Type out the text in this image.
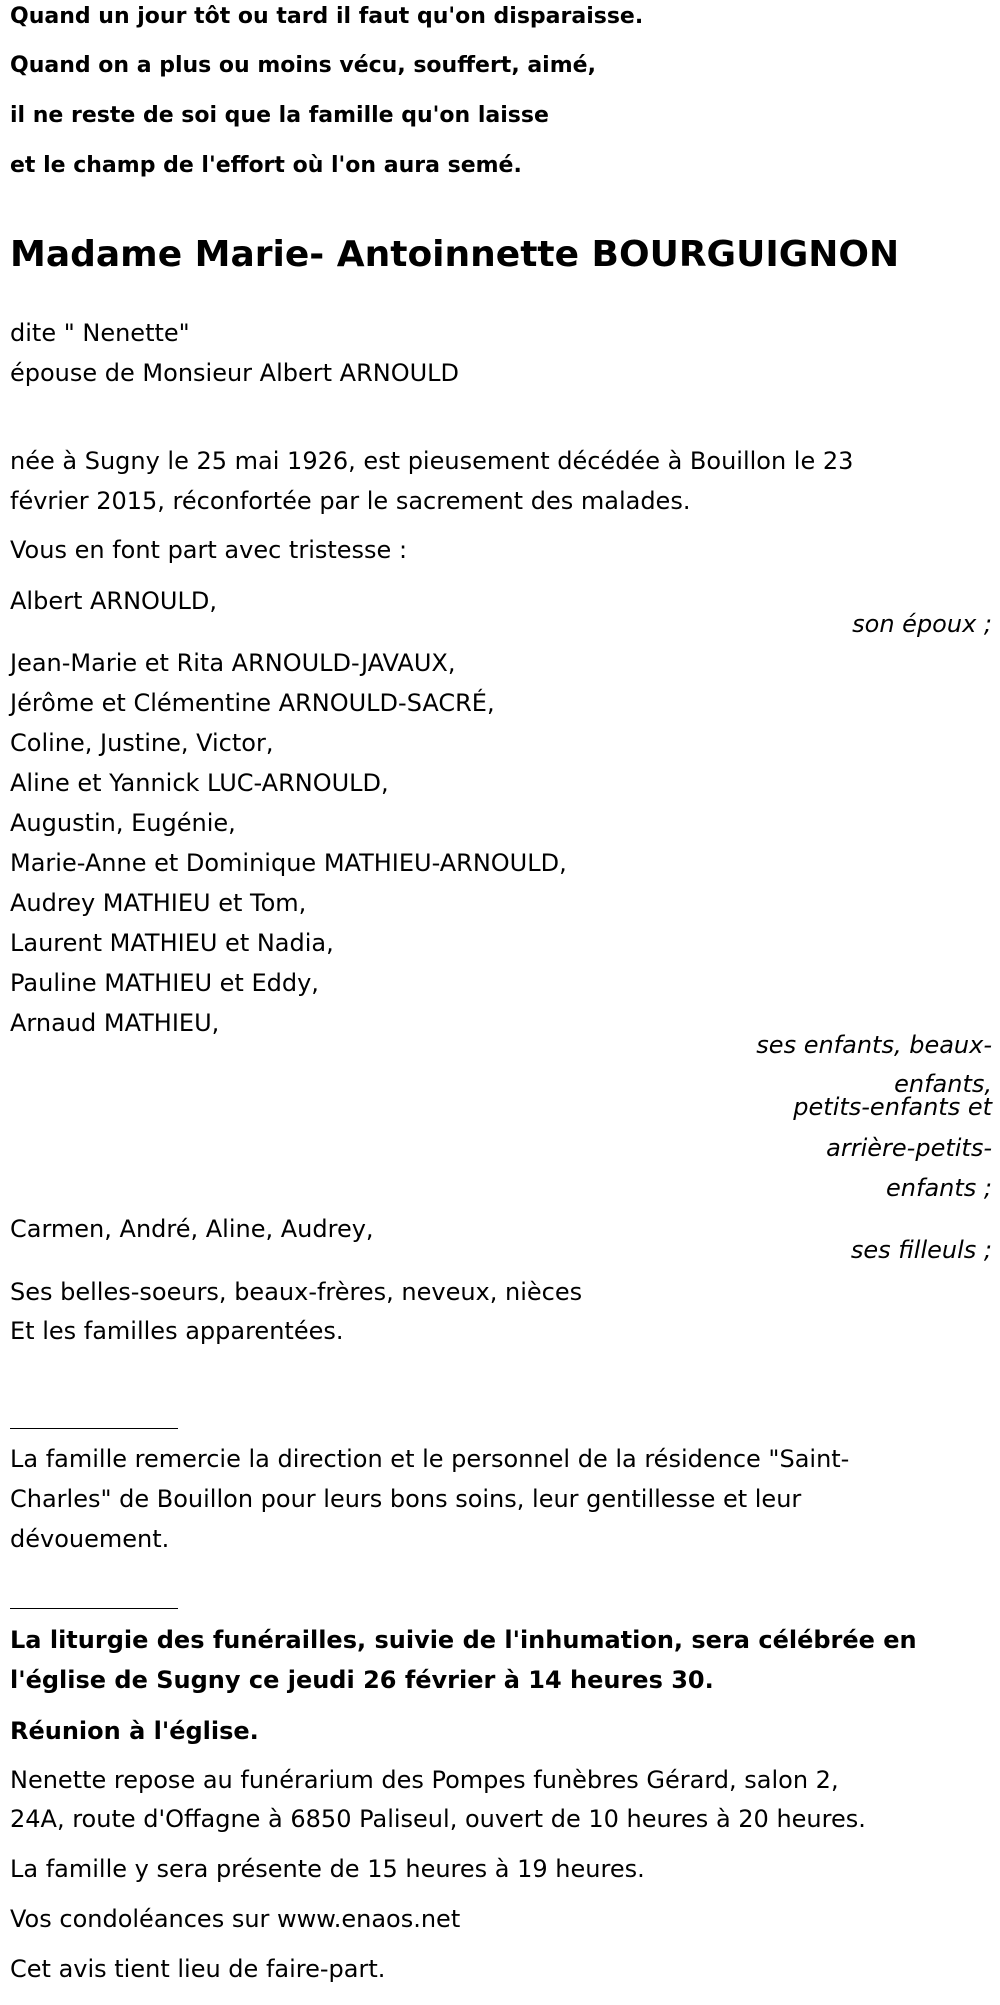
Quand un jour tôt ou tard il faut qu'on disparaisse.
Quand on a plus ou moins vécu, souffert, aimé,
il ne reste de soi que la famille qu'on laisse
et le champ de l'effort où l'on aura semé.
Madame Marie- Antoinnette BOURGUIGNON
dite " Nenette"
épouse de Monsieur Albert ARNOULD
née à Sugny le 25 mai 1926, est pieusement décédée à Bouillon le 23
février 2015, réconfortée par le sacrement des malades.
Vous en font part avec tristesse :
Albert ARNOULD,
son époux ;
Jean-Marie et Rita ARNOULD-JAVAUX,
Jérôme et Clémentine ARNOULD-SACRÉ,
Coline, Justine, Victor,
Aline et Yannick LUC-ARNOULD,
Augustin, Eugénie,
Marie-Anne et Dominique MATHIEU-ARNOULD,
Audrey MATHIEU et Tom,
Laurent MATHIEU et Nadia,
Pauline MATHIEU et Eddy,
Arnaud MATHIEU,
ses enfants, beaux-
enfants,
petits-enfants et
arrière-petits-
enfants ;
Carmen, André, Aline, Audrey,
ses filleuls ;
Ses belles-soeurs, beaux-frères, neveux, nièces
Et les familles apparentées.
La famille remercie la direction et le personnel de la résidence "Saint-
Charles" de Bouillon pour leurs bons soins, leur gentillesse et leur
dévouement.
La liturgie des funérailles, suivie de l'inhumation, sera célébrée en
l'église de Sugny ce jeudi 26 février à 14 heures 30.
Réunion à l'église.
Nenette repose au funérarium des Pompes funèbres Gérard, salon 2,
24A, route d'Offagne à 6850 Paliseul, ouvert de 10 heures à 20 heures.
La famille y sera présente de 15 heures à 19 heures.
Vos condoléances sur www.enaos.net
Cet avis tient lieu de faire-part.
